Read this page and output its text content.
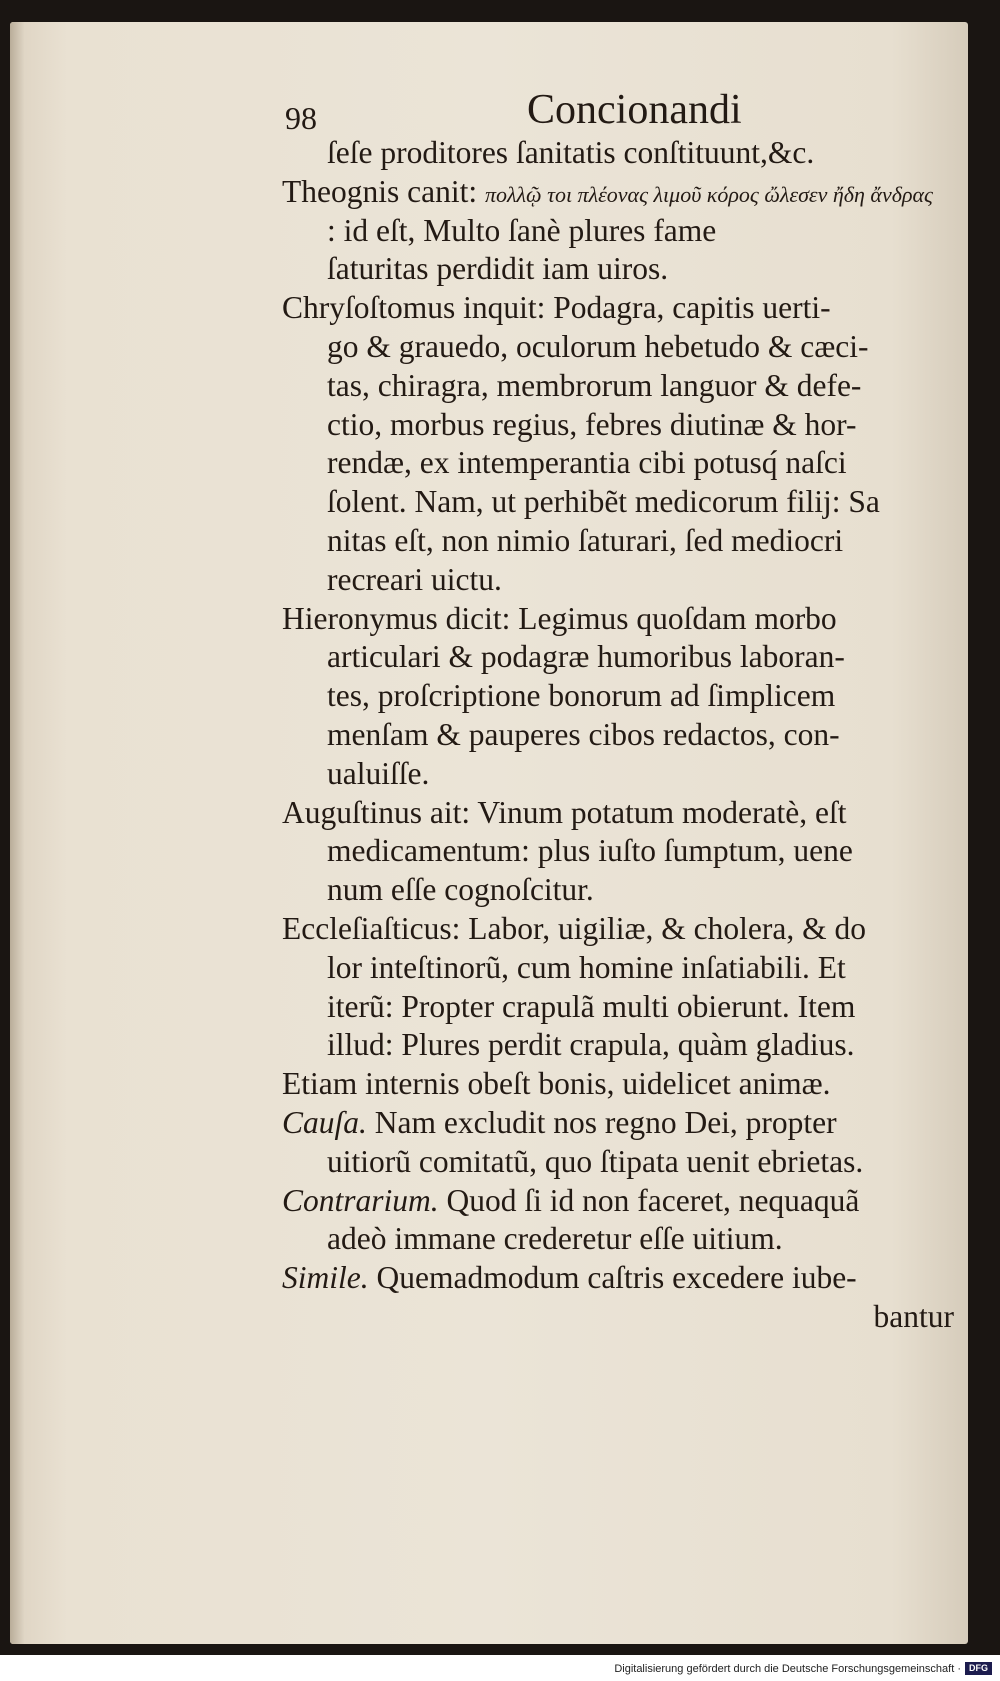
98	Concionandi
ſeſe proditores ſanitatis conſtituunt,&c.
Theognis canit: πολλῷ τοι πλέονας λιμοῦ κόρος ὤλεσεν ἤδη ἄνδρας
: id eſt, Multo ſanè plures fame
ſaturitas perdidit iam uiros.
Chryſoſtomus inquit: Podagra, capitis uerti-
go & grauedo, oculorum hebetudo & cæci-
tas, chiragra, membrorum languor & defe-
ctio, morbus regius, febres diutinæ & hor-
rendæ, ex intemperantia cibi potusq́ naſci
ſolent. Nam, ut perhibẽt medicorum filij: Sa
nitas eſt, non nimio ſaturari, ſed mediocri
recreari uictu.
Hieronymus dicit: Legimus quoſdam morbo
articulari & podagræ humoribus laboran-
tes, proſcriptione bonorum ad ſimplicem
menſam & pauperes cibos redactos, con-
ualuiſſe.
Auguſtinus ait: Vinum potatum moderatè, eſt
medicamentum: plus iuſto ſumptum, uene
num eſſe cognoſcitur.
Eccleſiaſticus: Labor, uigiliæ, & cholera, & do
lor inteſtinorũ, cum homine inſatiabili. Et
iterũ: Propter crapulã multi obierunt. Item
illud: Plures perdit crapula, quàm gladius.
Etiam internis obeſt bonis, uidelicet animæ.
Cauſa. Nam excludit nos regno Dei, propter
uitiorũ comitatũ, quo ſtipata uenit ebrietas.
Contrarium. Quod ſi id non faceret, nequaquã
adeò immane crederetur eſſe uitium.
Simile. Quemadmodum caſtris excedere iube-
bantur
Digitalisierung gefördert durch die Deutsche Forschungsgemeinschaft · DFG
